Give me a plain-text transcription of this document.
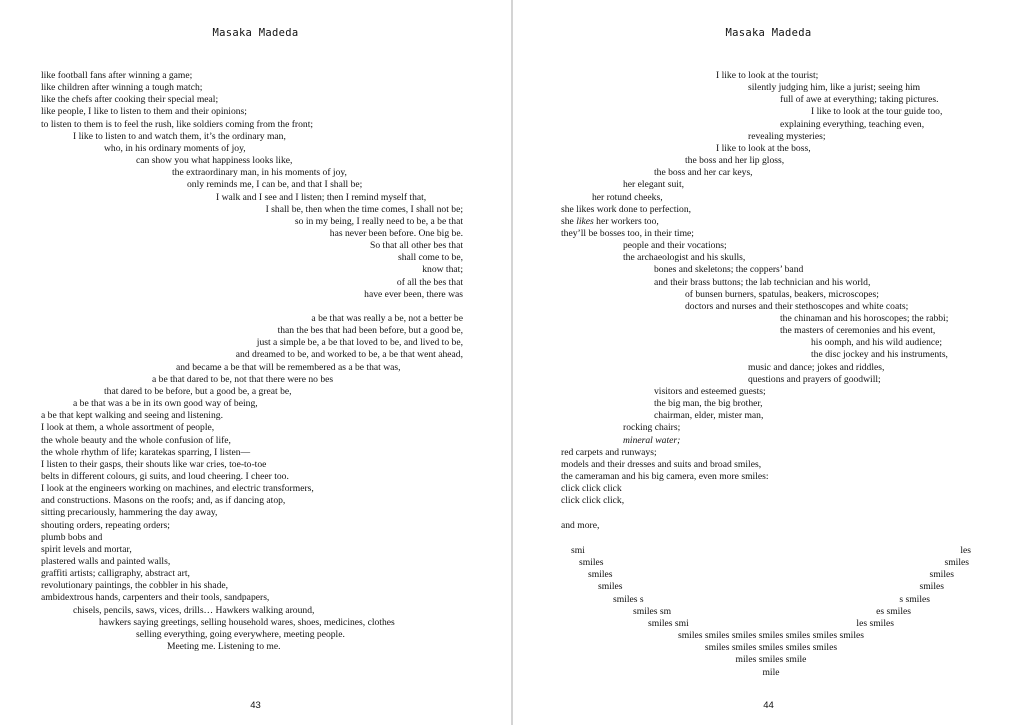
Masaka Madeda
like football fans after winning a game;
like children after winning a tough match;
like the chefs after cooking their special meal;
like people, I like to listen to them and their opinions;
to listen to them is to feel the rush, like soldiers coming from the front;
I like to listen to and watch them, it’s the ordinary man,
who, in his ordinary moments of joy,
can show you what happiness looks like,
the extraordinary man, in his moments of joy,
only reminds me, I can be, and that I shall be;
I walk and I see and I listen; then I remind myself that,
I shall be, then when the time comes, I shall not be;
so in my being, I really need to be, a be that
has never been before. One big be.
So that all other bes that
shall come to be,
know that;
of all the bes that
have ever been, there was
a be that was really a be, not a better be
than the bes that had been before, but a good be,
just a simple be, a be that loved to be, and lived to be,
and dreamed to be, and worked to be, a be that went ahead,
and became a be that will be remembered as a be that was,
a be that dared to be, not that there were no bes
that dared to be before, but a good be, a great be,
a be that was a be in its own good way of being,
a be that kept walking and seeing and listening.
I look at them, a whole assortment of people,
the whole beauty and the whole confusion of life,
the whole rhythm of life; karatekas sparring, I listen—
I listen to their gasps, their shouts like war cries, toe-to-toe
belts in different colours, gi suits, and loud cheering. I cheer too.
I look at the engineers working on machines, and electric transformers,
and constructions. Masons on the roofs; and, as if dancing atop,
sitting precariously, hammering the day away,
shouting orders, repeating orders;
plumb bobs and
spirit levels and mortar,
plastered walls and painted walls,
graffiti artists; calligraphy, abstract art,
revolutionary paintings, the cobbler in his shade,
ambidextrous hands, carpenters and their tools, sandpapers,
chisels, pencils, saws, vices, drills… Hawkers walking around,
hawkers saying greetings, selling household wares, shoes, medicines, clothes
selling everything, going everywhere, meeting people.
Meeting me. Listening to me.
43
Masaka Madeda
I like to look at the tourist;
silently judging him, like a jurist; seeing him
full of awe at everything; taking pictures.
I like to look at the tour guide too,
explaining everything, teaching even,
revealing mysteries;
I like to look at the boss,
the boss and her lip gloss,
the boss and her car keys,
her elegant suit,
her rotund cheeks,
she likes work done to perfection,
she likes her workers too,
they’ll be bosses too, in their time;
people and their vocations;
the archaeologist and his skulls,
bones and skeletons; the coppers’ band
and their brass buttons; the lab technician and his world,
of bunsen burners, spatulas, beakers, microscopes;
doctors and nurses and their stethoscopes and white coats;
the chinaman and his horoscopes; the rabbi;
the masters of ceremonies and his event,
his oomph, and his wild audience;
the disc jockey and his instruments,
music and dance; jokes and riddles,
questions and prayers of goodwill;
visitors and esteemed guests;
the big man, the big brother,
chairman, elder, mister man,
rocking chairs;
mineral water;
red carpets and runways;
models and their dresses and suits and broad smiles,
the cameraman and his big camera, even more smiles:
click click click
click click click,
and more,
smi
smiles
smiles
smiles
smiles s
smiles sm
smiles smi
les
smiles
smiles
smiles
s smiles
es smiles
les smiles
smiles smiles smiles smiles smiles smiles smiles
smiles smiles smiles smiles smiles
miles smiles smile
mile
44
